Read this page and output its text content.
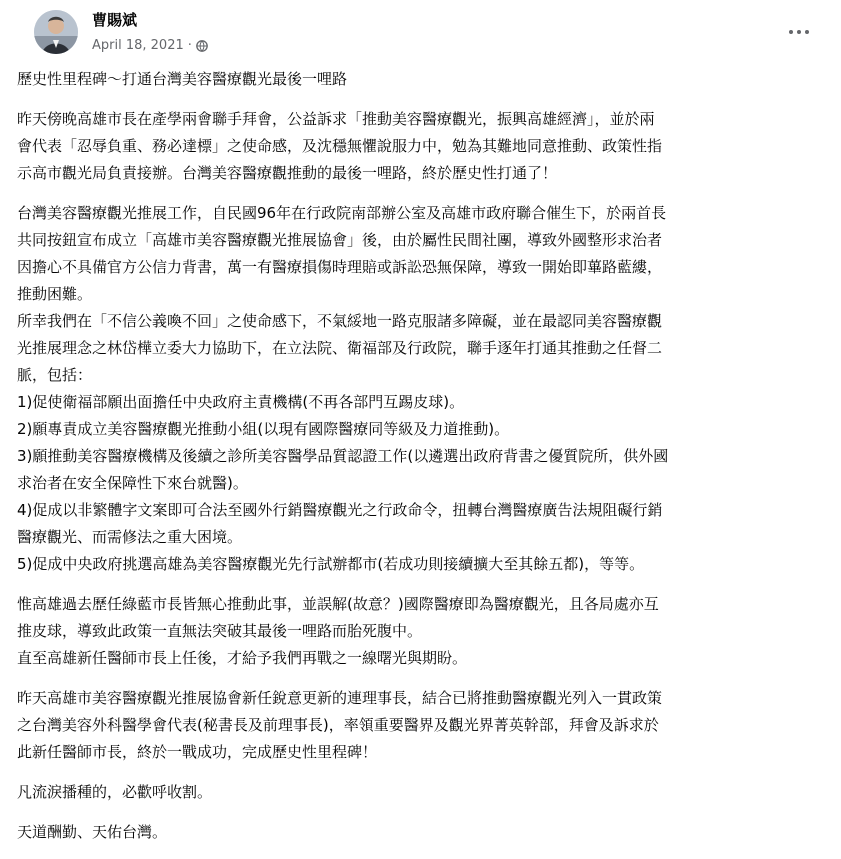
曹賜斌
April 18, 2021 ·

歷史性里程碑～打通台灣美容醫療觀光最後一哩路

昨天傍晚高雄市長在產學兩會聯手拜會，公益訴求「推動美容醫療觀光，振興高雄經濟」，並於兩
會代表「忍辱負重、務必達標」之使命感，及沈穩無懼說服力中，勉為其難地同意推動、政策性指
示高市觀光局負責接辦。台灣美容醫療觀推動的最後一哩路，終於歷史性打通了！

台灣美容醫療觀光推展工作，自民國96年在行政院南部辦公室及高雄市政府聯合催生下，於兩首長
共同按鈕宣布成立「高雄市美容醫療觀光推展協會」後，由於屬性民間社團，導致外國整形求治者
因擔心不具備官方公信力背書，萬一有醫療損傷時理賠或訴訟恐無保障，導致一開始即蓽路藍縷，
推動困難。
所幸我們在「不信公義喚不回」之使命感下，不氣綏地一路克服諸多障礙，並在最認同美容醫療觀
光推展理念之林岱樺立委大力協助下，在立法院、衛福部及行政院，聯手逐年打通其推動之任督二
脈，包括：
1)促使衛福部願出面擔任中央政府主責機構(不再各部門互踢皮球)。
2)願專責成立美容醫療觀光推動小組(以現有國際醫療同等級及力道推動)。
3)願推動美容醫療機構及後續之診所美容醫學品質認證工作(以遴選出政府背書之優質院所，供外國
求治者在安全保障性下來台就醫)。
4)促成以非繁體字文案即可合法至國外行銷醫療觀光之行政命令，扭轉台灣醫療廣告法規阻礙行銷
醫療觀光、而需修法之重大困境。
5)促成中央政府挑選高雄為美容醫療觀光先行試辦都市(若成功則接續擴大至其餘五都)，等等。

惟高雄過去歷任綠藍市長皆無心推動此事，並誤解(故意？)國際醫療即為醫療觀光，且各局處亦互
推皮球，導致此政策一直無法突破其最後一哩路而胎死腹中。
直至高雄新任醫師市長上任後，才給予我們再戰之一線曙光與期盼。

昨天高雄市美容醫療觀光推展協會新任銳意更新的連理事長，結合已將推動醫療觀光列入一貫政策
之台灣美容外科醫學會代表(秘書長及前理事長)，率領重要醫界及觀光界菁英幹部，拜會及訴求於
此新任醫師市長，終於一戰成功，完成歷史性里程碑！

凡流淚播種的，必歡呼收割。

天道酬勤、天佑台灣。
